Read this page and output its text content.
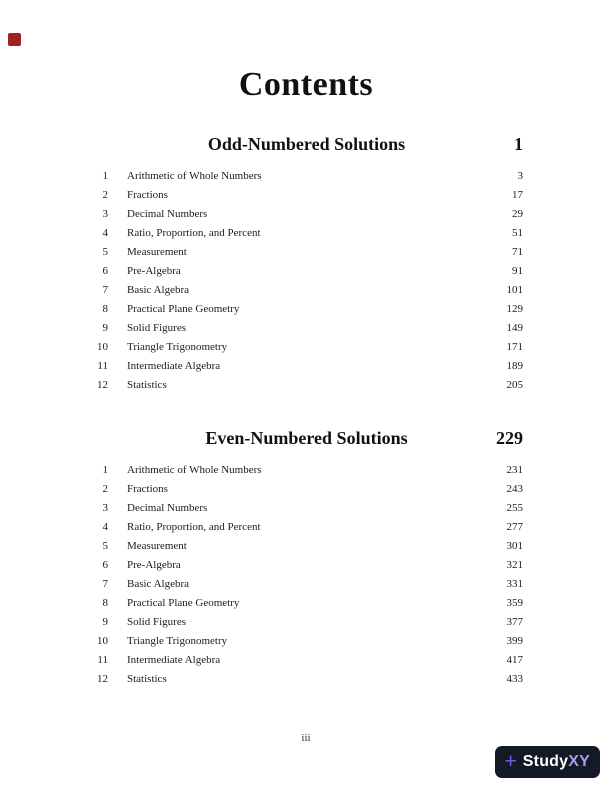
Contents
Odd-Numbered Solutions	1
1 Arithmetic of Whole Numbers	3
2 Fractions	17
3 Decimal Numbers	29
4 Ratio, Proportion, and Percent	51
5 Measurement	71
6 Pre-Algebra	91
7 Basic Algebra	101
8 Practical Plane Geometry	129
9 Solid Figures	149
10 Triangle Trigonometry	171
11 Intermediate Algebra	189
12 Statistics	205
Even-Numbered Solutions	229
1 Arithmetic of Whole Numbers	231
2 Fractions	243
3 Decimal Numbers	255
4 Ratio, Proportion, and Percent	277
5 Measurement	301
6 Pre-Algebra	321
7 Basic Algebra	331
8 Practical Plane Geometry	359
9 Solid Figures	377
10 Triangle Trigonometry	399
11 Intermediate Algebra	417
12 Statistics	433
iii
+ StudyXY
